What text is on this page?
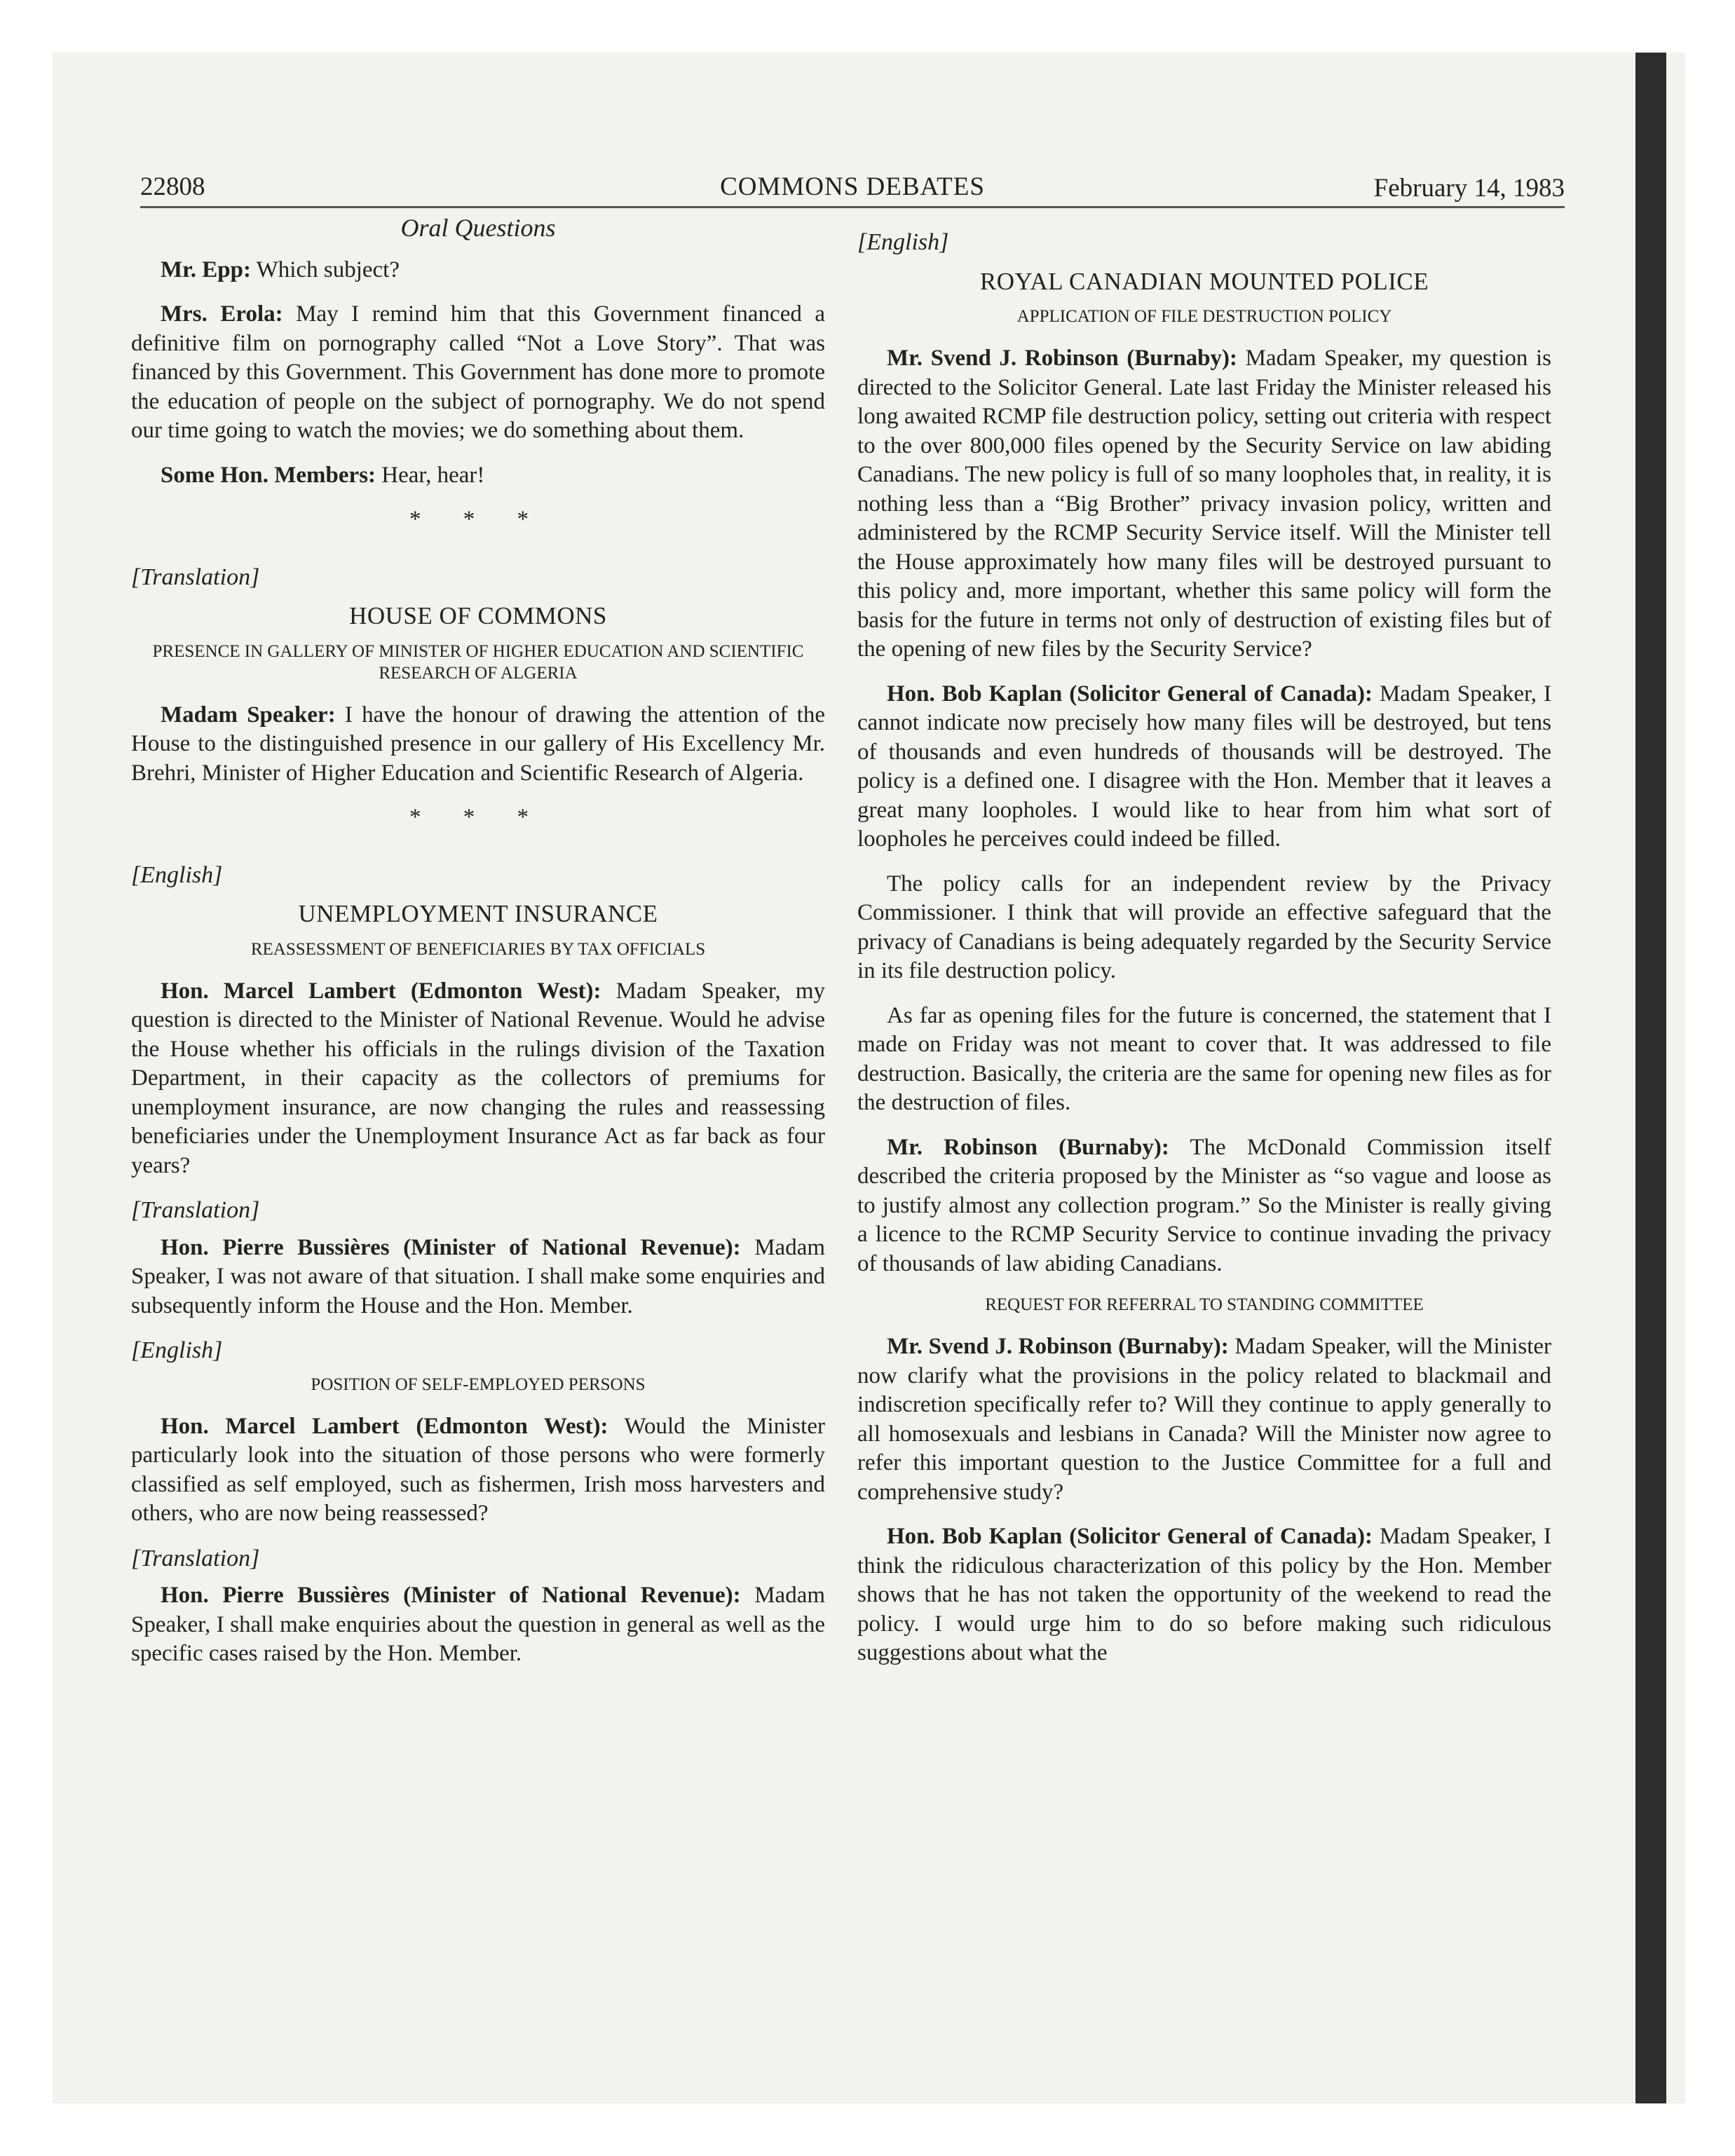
22808	COMMONS DEBATES	February 14, 1983
Oral Questions

Mr. Epp: Which subject?

Mrs. Erola: May I remind him that this Government financed a definitive film on pornography called “Not a Love Story”. That was financed by this Government. This Government has done more to promote the education of people on the subject of pornography. We do not spend our time going to watch the movies; we do something about them.

Some Hon. Members: Hear, hear!

* * *
[Translation]
HOUSE OF COMMONS
PRESENCE IN GALLERY OF MINISTER OF HIGHER EDUCATION AND SCIENTIFIC RESEARCH OF ALGERIA

Madam Speaker: I have the honour of drawing the attention of the House to the distinguished presence in our gallery of His Excellency Mr. Brehri, Minister of Higher Education and Scientific Research of Algeria.

* * *
[English]
UNEMPLOYMENT INSURANCE
REASSESSMENT OF BENEFICIARIES BY TAX OFFICIALS

Hon. Marcel Lambert (Edmonton West): Madam Speaker, my question is directed to the Minister of National Revenue. Would he advise the House whether his officials in the rulings division of the Taxation Department, in their capacity as the collectors of premiums for unemployment insurance, are now changing the rules and reassessing beneficiaries under the Unemployment Insurance Act as far back as four years?

[Translation]

Hon. Pierre Bussières (Minister of National Revenue): Madam Speaker, I was not aware of that situation. I shall make some enquiries and subsequently inform the House and the Hon. Member.

[English]
POSITION OF SELF-EMPLOYED PERSONS

Hon. Marcel Lambert (Edmonton West): Would the Minister particularly look into the situation of those persons who were formerly classified as self employed, such as fishermen, Irish moss harvesters and others, who are now being reassessed?

[Translation]

Hon. Pierre Bussières (Minister of National Revenue): Madam Speaker, I shall make enquiries about the question in general as well as the specific cases raised by the Hon. Member.

[English]
ROYAL CANADIAN MOUNTED POLICE
APPLICATION OF FILE DESTRUCTION POLICY

Mr. Svend J. Robinson (Burnaby): Madam Speaker, my question is directed to the Solicitor General. Late last Friday the Minister released his long awaited RCMP file destruction policy, setting out criteria with respect to the over 800,000 files opened by the Security Service on law abiding Canadians. The new policy is full of so many loopholes that, in reality, it is nothing less than a “Big Brother” privacy invasion policy, written and administered by the RCMP Security Service itself. Will the Minister tell the House approximately how many files will be destroyed pursuant to this policy and, more important, whether this same policy will form the basis for the future in terms not only of destruction of existing files but of the opening of new files by the Security Service?

Hon. Bob Kaplan (Solicitor General of Canada): Madam Speaker, I cannot indicate now precisely how many files will be destroyed, but tens of thousands and even hundreds of thousands will be destroyed. The policy is a defined one. I disagree with the Hon. Member that it leaves a great many loopholes. I would like to hear from him what sort of loopholes he perceives could indeed be filled.

The policy calls for an independent review by the Privacy Commissioner. I think that will provide an effective safeguard that the privacy of Canadians is being adequately regarded by the Security Service in its file destruction policy.

As far as opening files for the future is concerned, the statement that I made on Friday was not meant to cover that. It was addressed to file destruction. Basically, the criteria are the same for opening new files as for the destruction of files.

Mr. Robinson (Burnaby): The McDonald Commission itself described the criteria proposed by the Minister as “so vague and loose as to justify almost any collection program.” So the Minister is really giving a licence to the RCMP Security Service to continue invading the privacy of thousands of law abiding Canadians.

REQUEST FOR REFERRAL TO STANDING COMMITTEE

Mr. Svend J. Robinson (Burnaby): Madam Speaker, will the Minister now clarify what the provisions in the policy related to blackmail and indiscretion specifically refer to? Will they continue to apply generally to all homosexuals and lesbians in Canada? Will the Minister now agree to refer this important question to the Justice Committee for a full and comprehensive study?

Hon. Bob Kaplan (Solicitor General of Canada): Madam Speaker, I think the ridiculous characterization of this policy by the Hon. Member shows that he has not taken the opportunity of the weekend to read the policy. I would urge him to do so before making such ridiculous suggestions about what the
